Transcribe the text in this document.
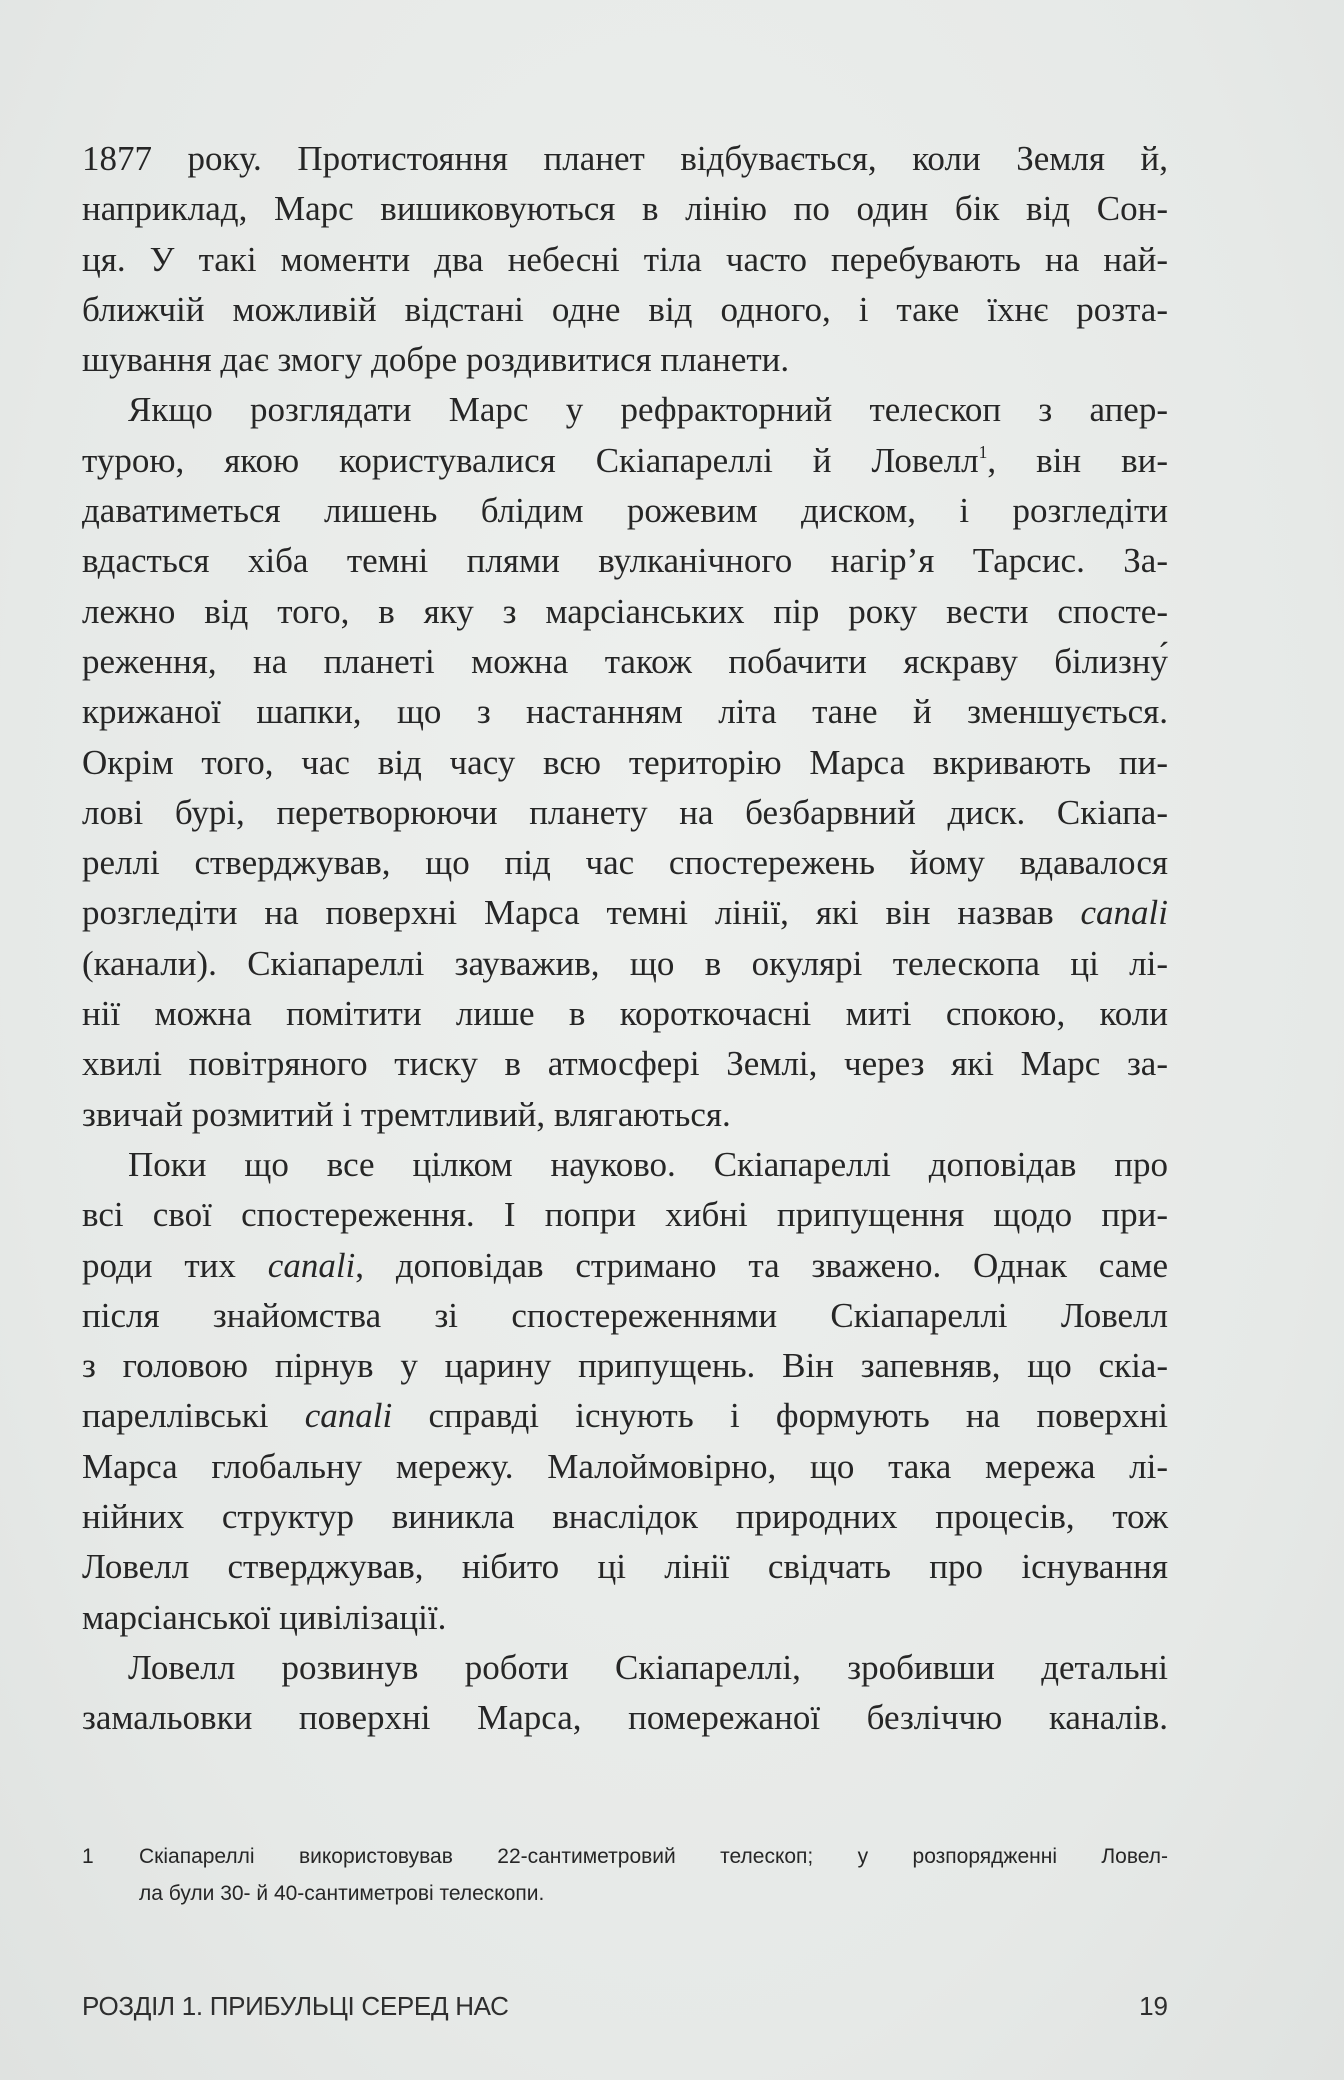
1877 року. Протистояння планет відбувається, коли Земля й,
наприклад, Марс вишиковуються в лінію по один бік від Сон-
ця. У такі моменти два небесні тіла часто перебувають на най-
ближчій можливій відстані одне від одного, і таке їхнє розта-
шування дає змогу добре роздивитися планети.
Якщо розглядати Марс у рефракторний телескоп з апер-
турою, якою користувалися Скіапареллі й Ловелл$^1$, він ви-
даватиметься лишень блідим рожевим диском, і розгледіти
вдасться хіба темні плями вулканічного нагір’я Тарсис. За-
лежно від того, в яку з марсіанських пір року вести спосте-
реження, на планеті можна також побачити яскраву білизну́
крижаної шапки, що з настанням літа тане й зменшується.
Окрім того, час від часу всю територію Марса вкривають пи-
лові бурі, перетворюючи планету на безбарвний диск. Скіапа-
реллі стверджував, що під час спостережень йому вдавалося
розгледіти на поверхні Марса темні лінії, які він назвав canali
(канали). Скіапареллі зауважив, що в окулярі телескопа ці лі-
нії можна помітити лише в короткочасні миті спокою, коли
хвилі повітряного тиску в атмосфері Землі, через які Марс за-
звичай розмитий і тремтливий, влягаються.
Поки що все цілком науково. Скіапареллі доповідав про
всі свої спостереження. І попри хибні припущення щодо при-
роди тих canali, доповідав стримано та зважено. Однак саме
після знайомства зі спостереженнями Скіапареллі Ловелл
з головою пірнув у царину припущень. Він запевняв, що скіа-
пареллівські canali справді існують і формують на поверхні
Марса глобальну мережу. Малоймовірно, що така мережа лі-
нійних структур виникла внаслідок природних процесів, тож
Ловелл стверджував, нібито ці лінії свідчать про існування
марсіанської цивілізації.
Ловелл розвинув роботи Скіапареллі, зробивши детальні
замальовки поверхні Марса, помережаної безліччю каналів.
1 Скіапареллі використовував 22-сантиметровий телескоп; у розпорядженні Ловел-
ла були 30- й 40-сантиметрові телескопи.
РОЗДІЛ 1. ПРИБУЛЬЦІ СЕРЕД НАС	19
